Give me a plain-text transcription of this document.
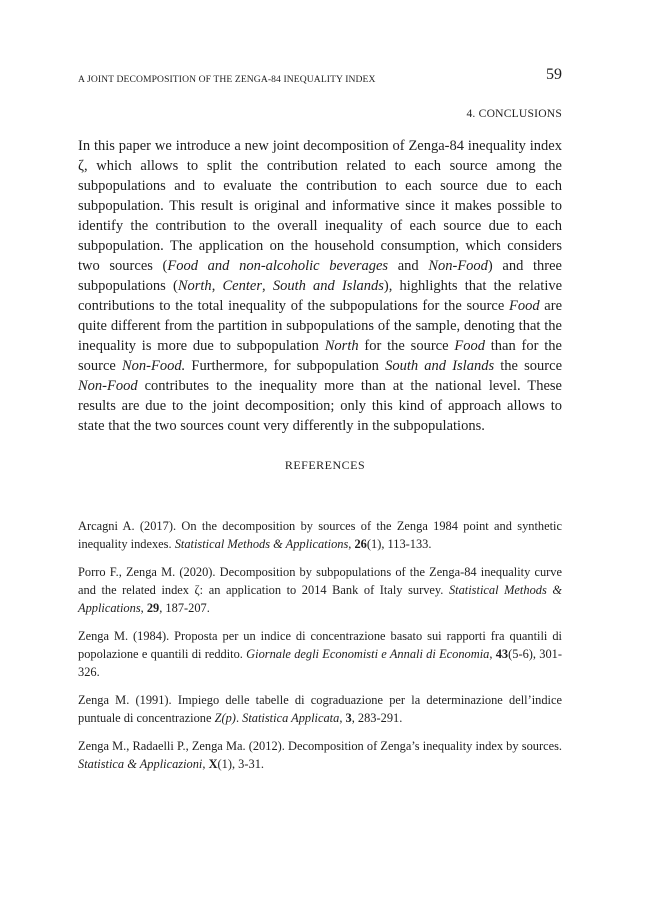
A JOINT DECOMPOSITION OF THE ZENGA-84 INEQUALITY INDEX	59
4. CONCLUSIONS
In this paper we introduce a new joint decomposition of Zenga-84 inequality index ζ, which allows to split the contribution related to each source among the subpopulations and to evaluate the contribution to each source due to each subpopulation. This result is original and informative since it makes possible to identify the contribution to the overall inequality of each source due to each subpopulation. The application on the household consumption, which considers two sources (Food and non-alcoholic beverages and Non-Food) and three subpopulations (North, Center, South and Islands), highlights that the relative contributions to the total inequality of the subpopulations for the source Food are quite different from the partition in subpopulations of the sample, denoting that the inequality is more due to subpopulation North for the source Food than for the source Non-Food. Furthermore, for subpopulation South and Islands the source Non-Food contributes to the inequality more than at the national level. These results are due to the joint decomposition; only this kind of approach allows to state that the two sources count very differently in the subpopulations.
REFERENCES
Arcagni A. (2017). On the decomposition by sources of the Zenga 1984 point and synthetic inequality indexes. Statistical Methods & Applications, 26(1), 113-133.
Porro F., Zenga M. (2020). Decomposition by subpopulations of the Zenga-84 inequality curve and the related index ζ: an application to 2014 Bank of Italy survey. Statistical Methods & Applications, 29, 187-207.
Zenga M. (1984). Proposta per un indice di concentrazione basato sui rapporti fra quantili di popolazione e quantili di reddito. Giornale degli Economisti e Annali di Economia, 43(5-6), 301-326.
Zenga M. (1991). Impiego delle tabelle di cograduazione per la determinazione dell’indice puntuale di concentrazione Z(p). Statistica Applicata, 3, 283-291.
Zenga M., Radaelli P., Zenga Ma. (2012). Decomposition of Zenga’s inequality index by sources. Statistica & Applicazioni, X(1), 3-31.
